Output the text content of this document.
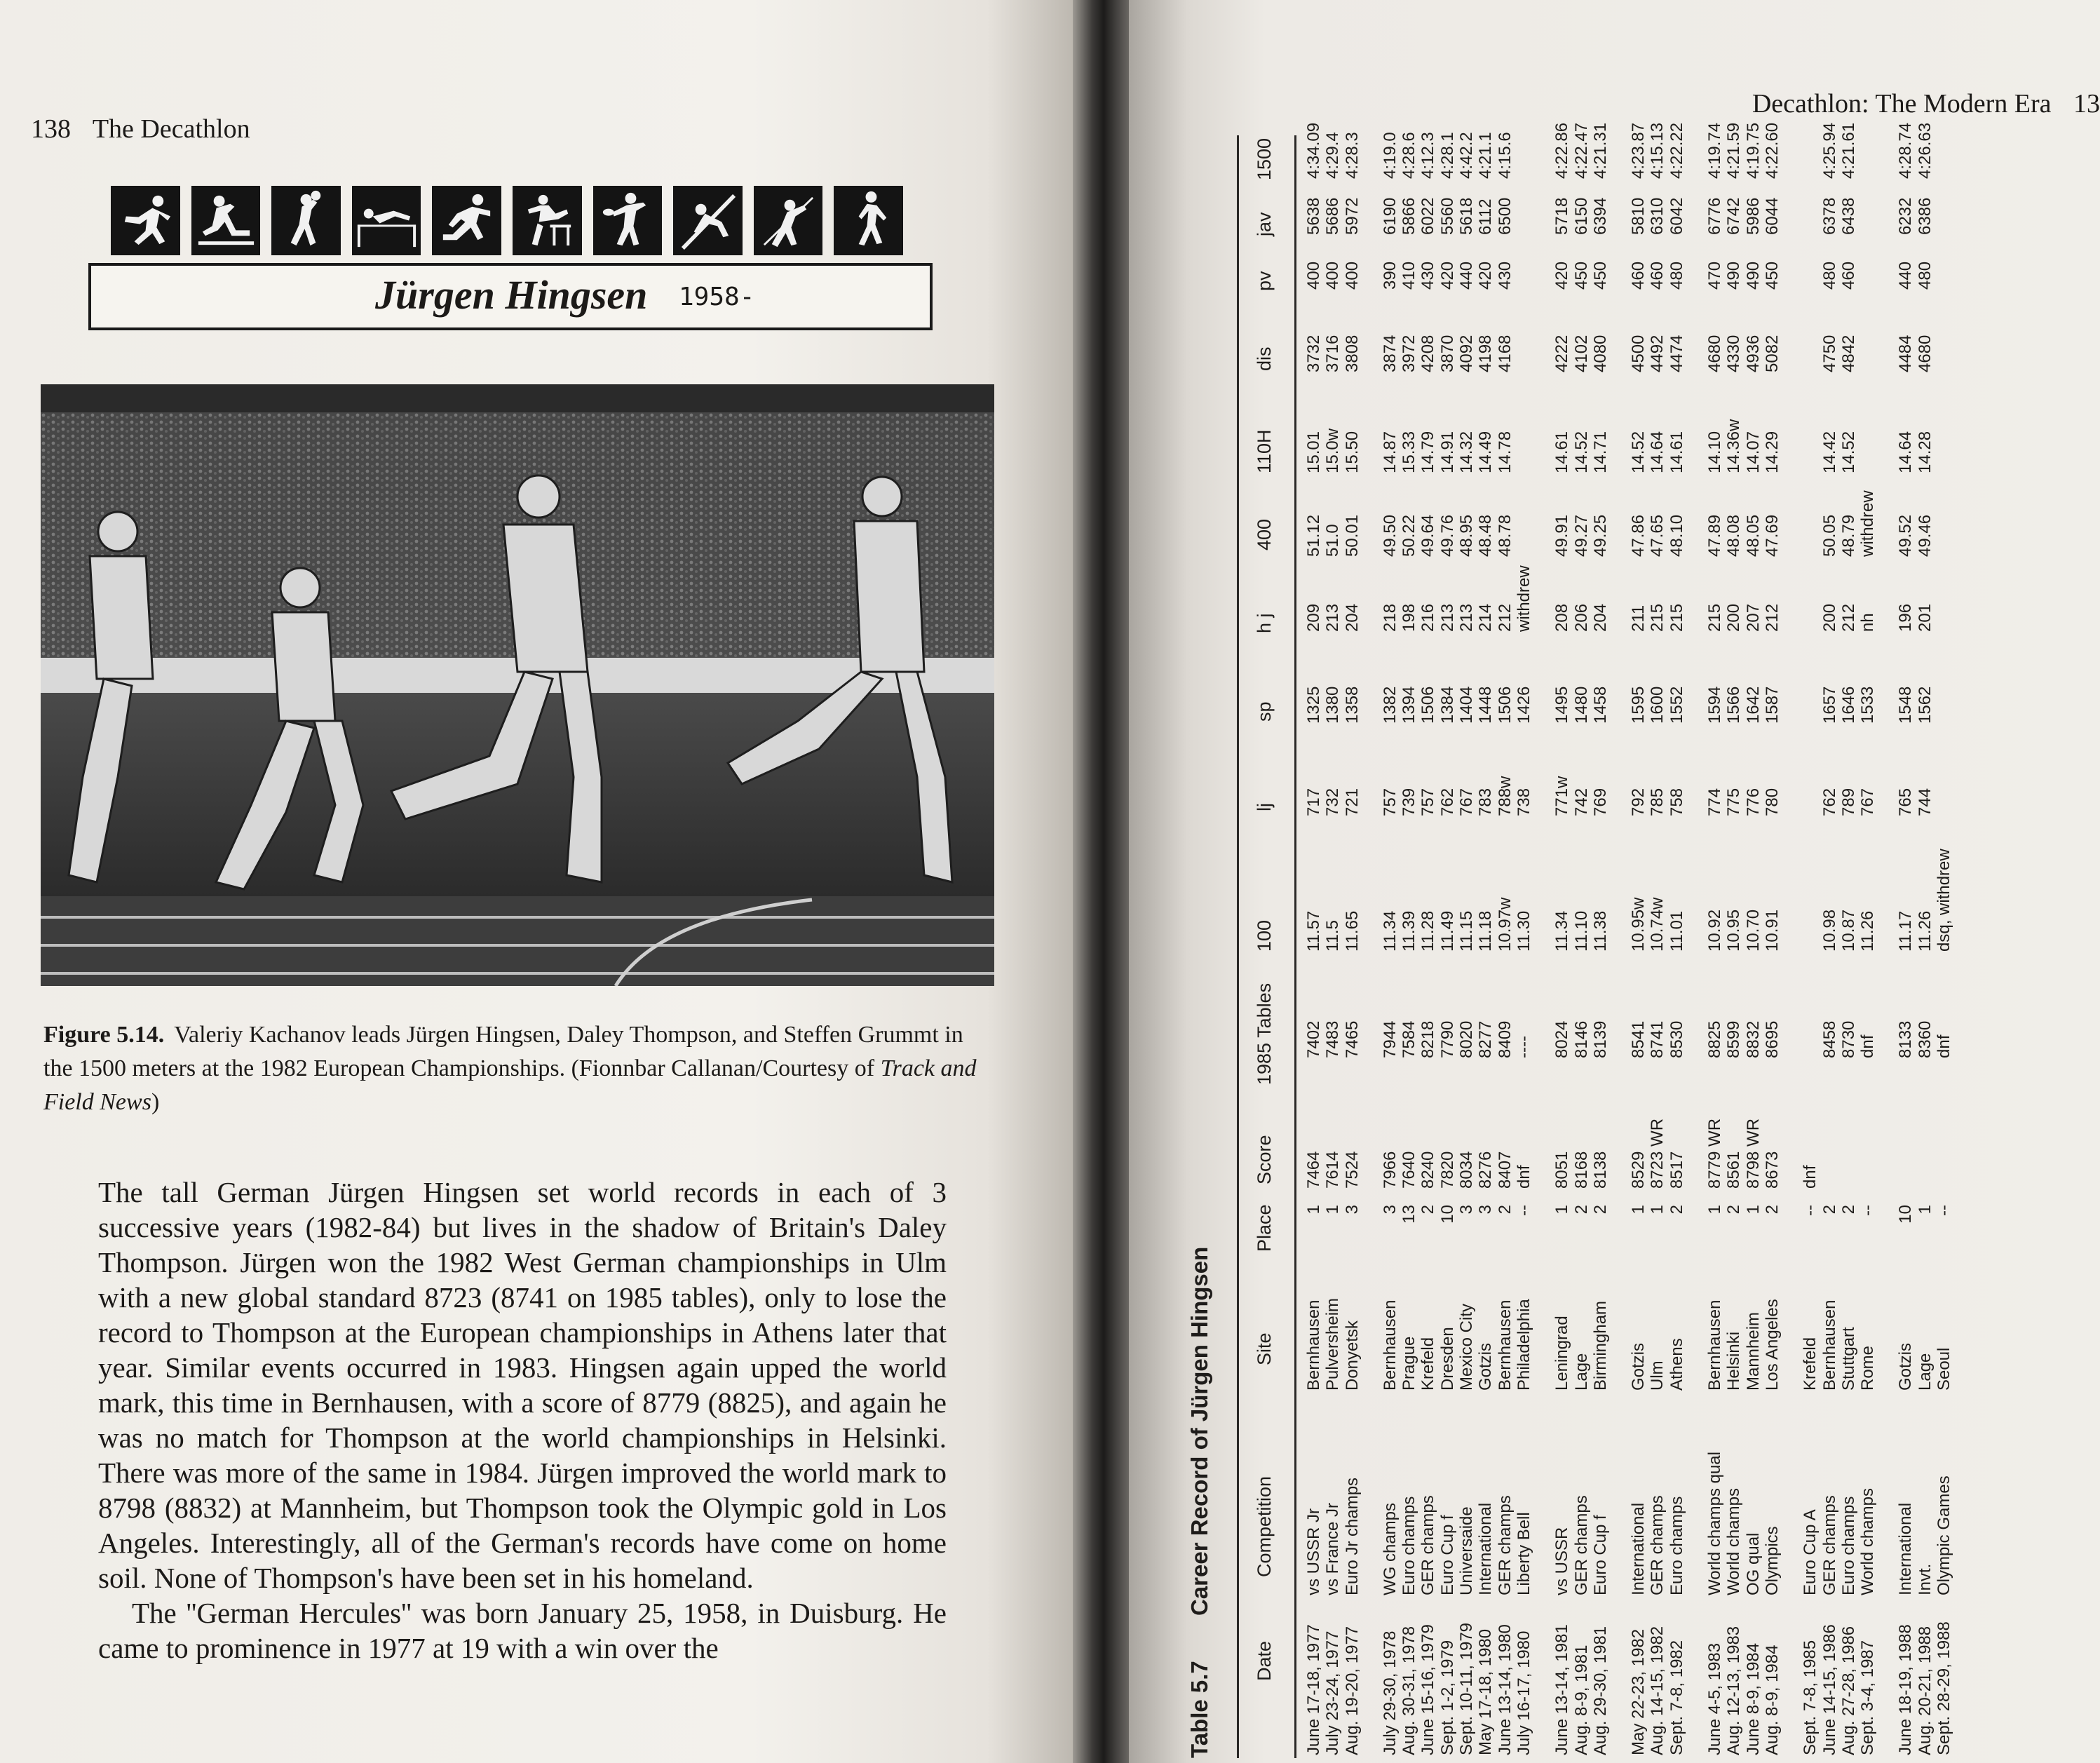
138 The Decathlon
Jürgen Hingsen 1958-
Figure 5.14. Valeriy Kachanov leads Jürgen Hingsen, Daley Thompson, and Steffen Grummt in the 1500 meters at the 1982 European Championships. (Fionnbar Callanan/Courtesy of Track and Field News)

The tall German Jürgen Hingsen set world records in each of 3 successive years (1982-84) but lives in the shadow of Britain's Daley Thompson. Jürgen won the 1982 West German championships in Ulm with a new global standard 8723 (8741 on 1985 tables), only to lose the record to Thompson at the European championships in Athens later that year. Similar events occurred in 1983. Hingsen again upped the world mark, this time in Bernhausen, with a score of 8779 (8825), and again he was no match for Thompson at the world championships in Helsinki. There was more of the same in 1984. Jürgen improved the world mark to 8798 (8832) at Mannheim, but Thompson took the Olympic gold in Los Angeles. Interestingly, all of the German's records have come on home soil. None of Thompson's have been set in his homeland.

The ''German Hercules'' was born January 25, 1958, in Duisburg. He came to prominence in 1977 at 19 with a win over the

Decathlon: The Modern Era 13
Table 5.7 Career Record of Jürgen Hingsen
Date
Competition
Site
Place
Score
1985 Tables
100
lj
sp
h j
400
110H
dis
pv
jav
1500
June 17-18, 1977
vs USSR Jr
Bernhausen
1
7464
7402
11.57
717
1325
209
51.12
15.01
3732
400
5638
4:34.09
July 23-24, 1977
vs France Jr
Pulversheim
1
7614
7483
11.5
732
1380
213
51.0
15.0w
3716
400
5686
4:29.4
Aug. 19-20, 1977
Euro Jr champs
Donyetsk
3
7524
7465
11.65
721
1358
204
50.01
15.50
3808
400
5972
4:28.3
July 29-30, 1978
WG champs
Bernhausen
3
7966
7944
11.34
757
1382
218
49.50
14.87
3874
390
6190
4:19.0
Aug. 30-31, 1978
Euro champs
Prague
13
7640
7584
11.39
739
1394
198
50.22
15.33
3972
410
5866
4:28.6
June 15-16, 1979
GER champs
Krefeld
2
8240
8218
11.28
757
1506
216
49.64
14.79
4208
430
6022
4:12.3
Sept. 1-2, 1979
Euro Cup f
Dresden
10
7820
7790
11.49
762
1384
213
49.76
14.91
3870
420
5560
4:28.1
Sept. 10-11, 1979
Universaide
Mexico City
3
8034
8020
11.15
767
1404
213
48.95
14.32
4092
440
5618
4:42.2
May 17-18, 1980
International
Gotzis
3
8276
8277
11.18
783
1448
214
48.48
14.49
4198
420
6112
4:21.1
June 13-14, 1980
GER champs
Bernhausen
2
8407
8409
10.97w
788w
1506
212
48.78
14.78
4168
430
6500
4:15.6
July 16-17, 1980
Liberty Bell
Philadelphia
--
dnf
----
11.30
738
1426
withdrew
June 13-14, 1981
vs USSR
Leningrad
1
8051
8024
11.34
771w
1495
208
49.91
14.61
4222
420
5718
4:22.86
Aug. 8-9, 1981
GER champs
Lage
2
8168
8146
11.10
742
1480
206
49.27
14.52
4102
450
6150
4:22.47
Aug. 29-30, 1981
Euro Cup f
Birmingham
2
8138
8139
11.38
769
1458
204
49.25
14.71
4080
450
6394
4:21.31
May 22-23, 1982
International
Gotzis
1
8529
8541
10.95w
792
1595
211
47.86
14.52
4500
460
5810
4:23.87
Aug. 14-15, 1982
GER champs
Ulm
1
8723 WR
8741
10.74w
785
1600
215
47.65
14.64
4492
460
6310
4:15.13
Sept. 7-8, 1982
Euro champs
Athens
2
8517
8530
11.01
758
1552
215
48.10
14.61
4474
480
6042
4:22.22
June 4-5, 1983
World champs qual
Bernhausen
1
8779 WR
8825
10.92
774
1594
215
47.89
14.10
4680
470
6776
4:19.74
Aug. 12-13, 1983
World champs
Helsinki
2
8561
8599
10.95
775
1566
200
48.08
14.36w
4330
490
6742
4:21.59
June 8-9, 1984
OG qual
Mannheim
1
8798 WR
8832
10.70
776
1642
207
48.05
14.07
4936
490
5986
4:19.75
Aug. 8-9, 1984
Olympics
Los Angeles
2
8673
8695
10.91
780
1587
212
47.69
14.29
5082
450
6044
4:22.60
Sept. 7-8, 1985
Euro Cup A
Krefeld
--
dnf
June 14-15, 1986
GER champs
Bernhausen
2
8458
10.98
762
1657
200
50.05
14.42
4750
480
6378
4:25.94
Aug. 27-28, 1986
Euro champs
Stuttgart
2
8730
10.87
789
1646
212
48.79
14.52
4842
460
6438
4:21.61
Sept. 3-4, 1987
World champs
Rome
--
dnf
11.26
767
1533
nh
withdrew
June 18-19, 1988
International
Gotzis
10
8133
11.17
765
1548
196
49.52
14.64
4484
440
6232
4:28.74
Aug. 20-21, 1988
Invt.
Lage
1
8360
11.26
744
1562
201
49.46
14.28
4680
480
6386
4:26.63
Sept. 28-29, 1988
Olympic Games
Seoul
--
dnf
dsq, withdrew
